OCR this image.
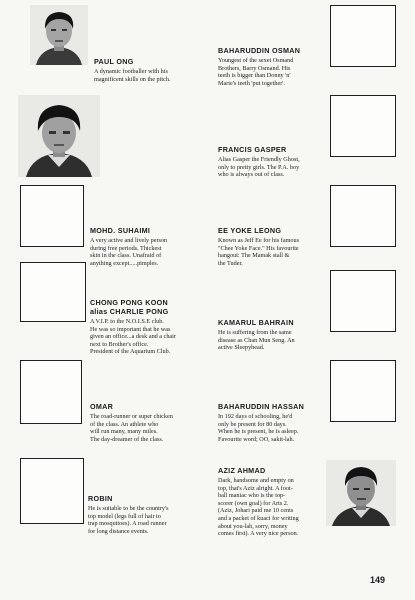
PAUL ONG

A dynamic footballer with his
magnificent skills on the pitch.

MOHD. SUHAIMI

A very active and lively person
during free periods. Thickest
skin in the class. Unafraid of
anything except.....pimples.

CHONG PONG KOON

alias CHARLIE PONG

A V.I.P. to the N.O.I.S.E club.
He was so important that he was
given an office...a desk and a chair
next to Brother's office.
President of the Aquarium Club.

OMAR

The road-runner or super chicken
of the class. An athlete who
will run many, many miles.
The day-dreamer of the class.

ROBIN

He is suitable to be the country's
top model (legs full of hair to
trap mosquitoes). A road runner
for long distance events.

BAHARUDDIN OSMAN

Youngest of the sexet Osmand
Brothers, Barry Osmand. His
teeth is bigger than Donny 'n'
Marie's teeth 'put together'.

FRANCIS GASPER

Alias Gasper the Friendly Ghost,
only to pretty girls. The P.A. boy
who is always out of class.

EE YOKE LEONG

Known as Jeff Ee for his famous
"Chee Yoke Face." His favourite
hangout: The Mamak stall &
the Tuder.

KAMARUL BAHRAIN

He is suffering from the same
disease as Chan Mun Seng. An
active Sleepyhead.

BAHARUDDIN HASSAN

In 192 days of schooling, he'd
only be present for 80 days.
When he is present, he is asleep.
Favourite word; OO, sakit-lah.

AZIZ AHMAD

Dark, handsome and empty on
top, that's Aziz alright. A foot-
ball maniac who is the top-
scorer (own goal) for Arts 2.
(Aziz, Johari paid me 10 cents
and a packet of kuaci for writing
about you-lah, sorry, money
comes first). A very nice person.

149
